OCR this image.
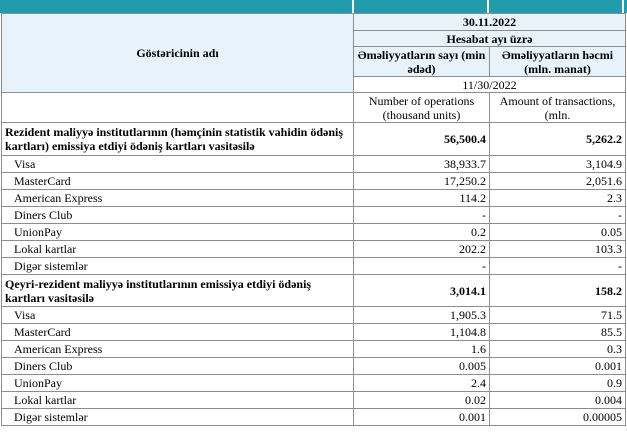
Göstəricinin adı	30.11.2022	
	Hesabat ayı üzrə	
	Əməliyyatların sayı (min ədəd)	Əməliyyatların həcmi (mln. manat)
	11/30/2022	
	Number of operations (thousand units)	Amount of transactions, (mln.
Rezident maliyyə institutlarının (həmçinin statistik vahidin ödəniş kartları) emissiya etdiyi ödəniş kartları vasitəsilə	56,500.4	5,262.2
Visa	38,933.7	3,104.9
MasterCard	17,250.2	2,051.6
American Express	114.2	2.3
Diners Club	-	-
UnionPay	0.2	0.05
Lokal kartlar	202.2	103.3
Digər sistemlər	-	-
Qeyri-rezident maliyyə institutlarının emissiya etdiyi ödəniş kartları vasitəsilə	3,014.1	158.2
Visa	1,905.3	71.5
MasterCard	1,104.8	85.5
American Express	1.6	0.3
Diners Club	0.005	0.001
UnionPay	2.4	0.9
Lokal kartlar	0.02	0.004
Digər sistemlər	0.001	0.00005
